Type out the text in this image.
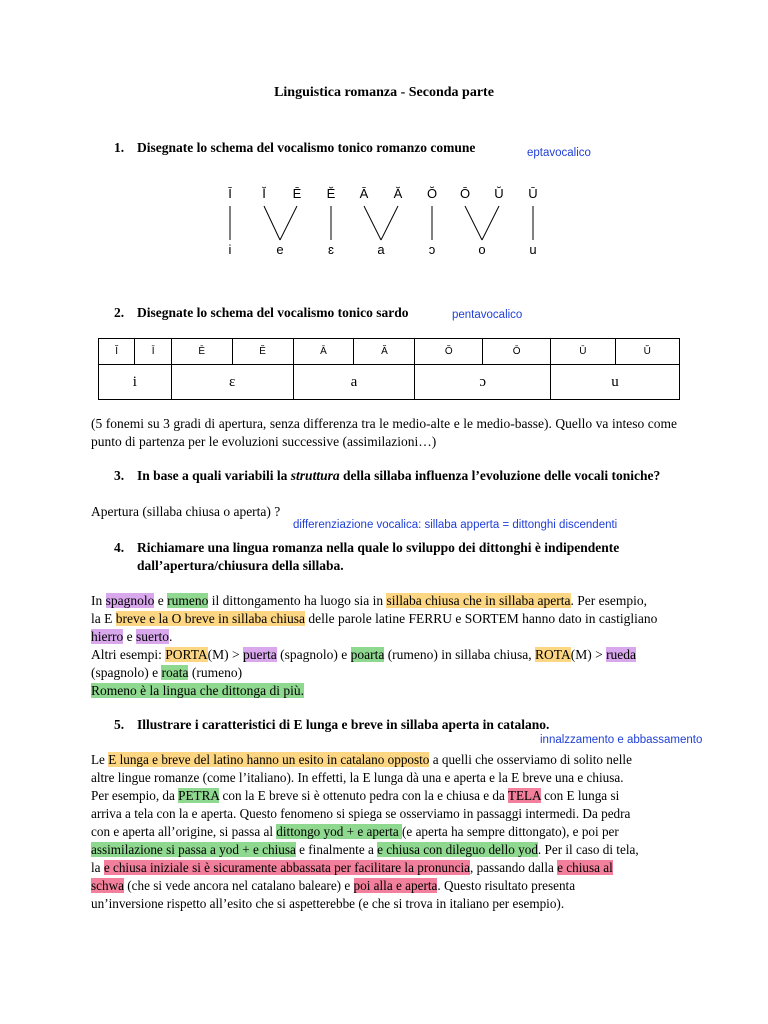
Linguistica romanza - Seconda parte
1. Disegnate lo schema del vocalismo tonico romanzo comune	eptavocalico
Ī	Ĭ	Ē	Ĕ	Ā	Ă	Ŏ	Ō	Ŭ	Ū
i	e	ɛ	a	ɔ	o	u
2. Disegnate lo schema del vocalismo tonico sardo	pentavocalico
Ĭ	Ī	Ē	Ĕ	Ā	Ă	Ŏ	Ō	Ū	Ŭ
i		ɛ		a		ɔ		u	
(5 fonemi su 3 gradi di apertura, senza differenza tra le medio-alte e le medio-basse). Quello va inteso come punto di partenza per le evoluzioni successive (assimilazioni…)
3. In base a quali variabili la struttura della sillaba influenza l’evoluzione delle vocali toniche?
Apertura (sillaba chiusa o aperta) ?
differenziazione vocalica: sillaba apperta = dittonghi discendenti
4. Richiamare una lingua romanza nella quale lo sviluppo dei dittonghi è indipendente
dall’apertura/chiusura della sillaba.
In spagnolo e rumeno il dittongamento ha luogo sia in sillaba chiusa che in sillaba aperta. Per esempio,
la E breve e la O breve in sillaba chiusa delle parole latine FERRU e SORTEM hanno dato in castigliano
hierro e suerto.
Altri esempi: PORTA(M) > puerta (spagnolo) e poarta (rumeno) in sillaba chiusa, ROTA(M) > rueda
(spagnolo) e roata (rumeno)
Romeno è la lingua che dittonga di più.
5. Illustrare i caratteristici di E lunga e breve in sillaba aperta in catalano.
innalzzamento e abbassamento
Le E lunga e breve del latino hanno un esito in catalano opposto a quelli che osserviamo di solito nelle
altre lingue romanze (come l’italiano). In effetti, la E lunga dà una e aperta e la E breve una e chiusa.
Per esempio, da PETRA con la E breve si è ottenuto pedra con la e chiusa e da TELA con E lunga si
arriva a tela con la e aperta. Questo fenomeno si spiega se osserviamo in passaggi intermedi. Da pedra
con e aperta all’origine, si passa al dittongo yod + e aperta (e aperta ha sempre dittongato), e poi per
assimilazione si passa a yod + e chiusa e finalmente a e chiusa con dileguo dello yod. Per il caso di tela,
la e chiusa iniziale si è sicuramente abbassata per facilitare la pronuncia, passando dalla e chiusa al
schwa (che si vede ancora nel catalano baleare) e poi alla e aperta. Questo risultato presenta
un’inversione rispetto all’esito che si aspetterebbe (e che si trova in italiano per esempio).
